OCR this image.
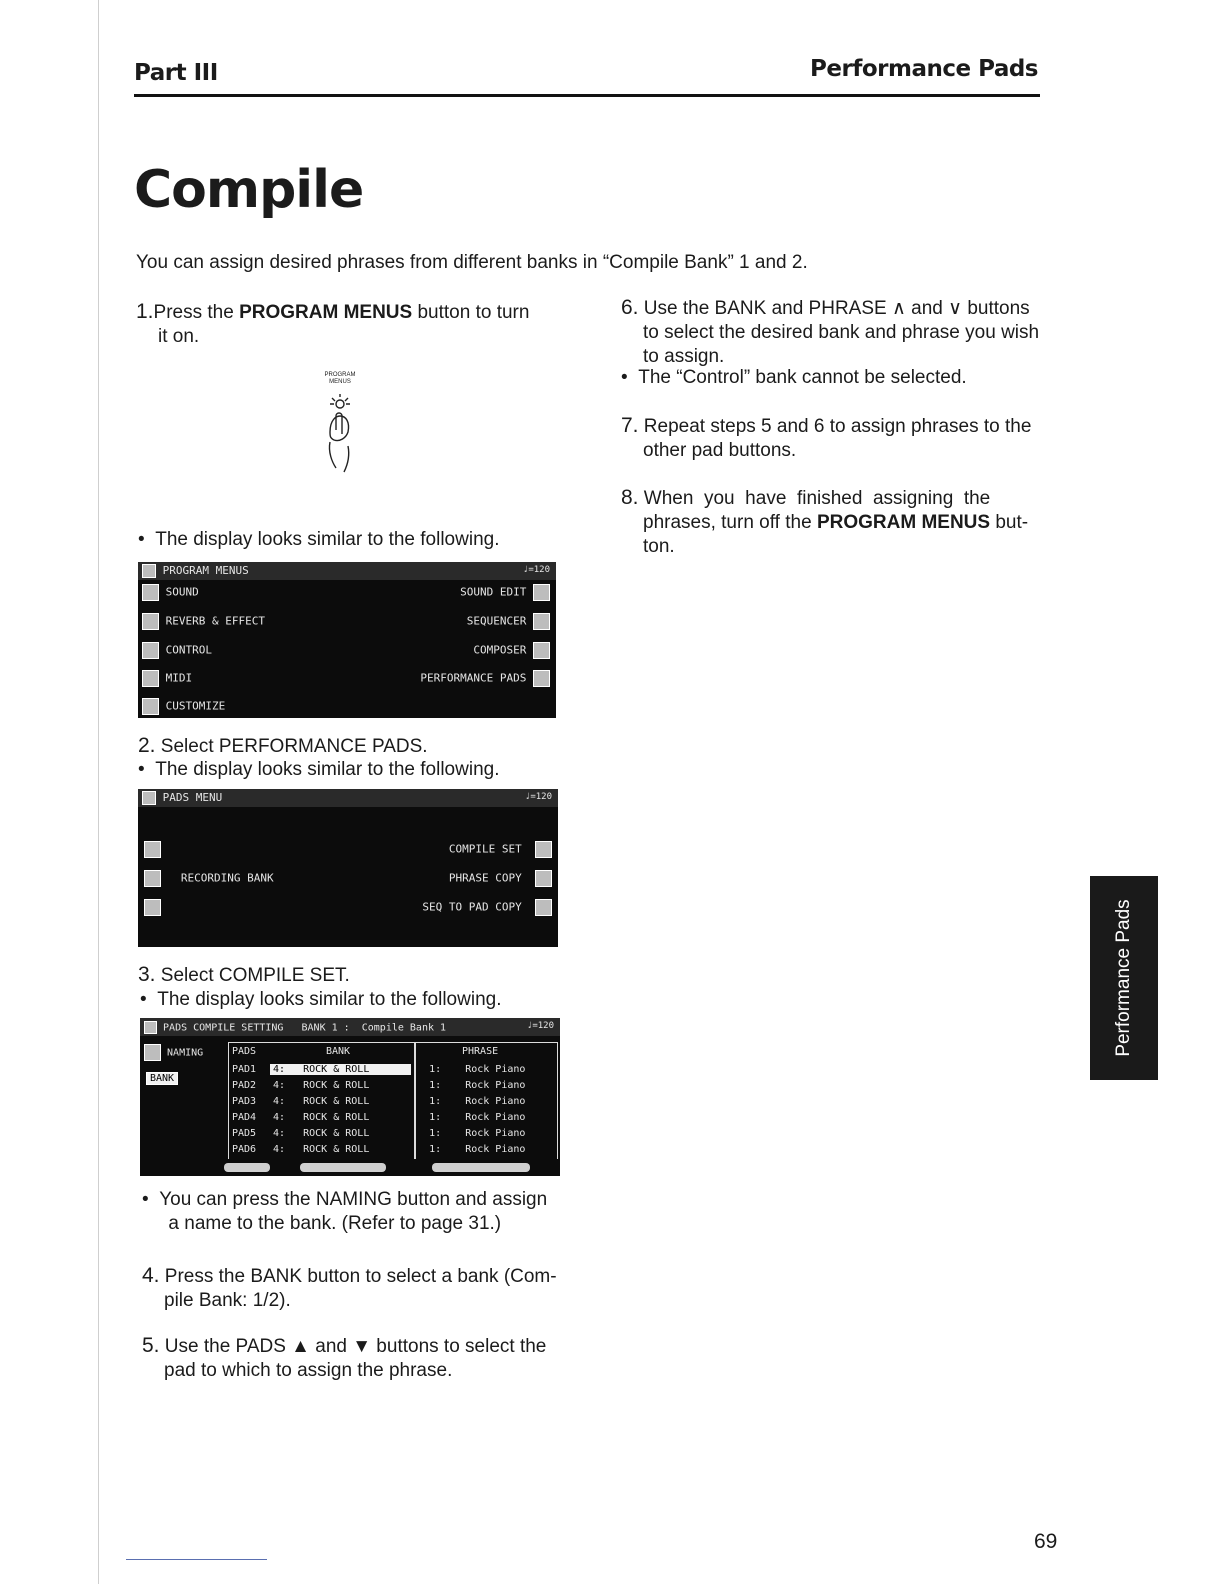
Part III	Performance Pads
Compile
You can assign desired phrases from different banks in “Compile Bank” 1 and 2.
1.Press the PROGRAM MENUS button to turn
it on.
PROGRAM
MENUS
•  The display looks similar to the following.
PROGRAM MENUS	♩=120
SOUND
REVERB & EFFECT
CONTROL
MIDI
CUSTOMIZE
SOUND EDIT
SEQUENCER
COMPOSER
PERFORMANCE PADS
2. Select PERFORMANCE PADS.
•  The display looks similar to the following.
PADS MENU	♩=120
RECORDING BANK
COMPILE SET
PHRASE COPY
SEQ TO PAD COPY
3. Select COMPILE SET.
•  The display looks similar to the following.
PADS COMPILE SETTING BANK 1 : Compile Bank 1	♩=120
NAMING
BANK
PADS	BANK	PHRASE
PAD1 4: ROCK & ROLL	1: Rock Piano
PAD2 4: ROCK & ROLL	1: Rock Piano
PAD3 4: ROCK & ROLL	1: Rock Piano
PAD4 4: ROCK & ROLL	1: Rock Piano
PAD5 4: ROCK & ROLL	1: Rock Piano
PAD6 4: ROCK & ROLL	1: Rock Piano
•  You can press the NAMING button and assign
a name to the bank. (Refer to page 31.)
4. Press the BANK button to select a bank (Com-
pile Bank: 1/2).
5. Use the PADS ▲ and ▼ buttons to select the
pad to which to assign the phrase.
6. Use the BANK and PHRASE ∧ and ∨ buttons
to select the desired bank and phrase you wish
to assign.
•  The “Control” bank cannot be selected.
7. Repeat steps 5 and 6 to assign phrases to the
other pad buttons.
8. When  you  have  finished  assigning  the
phrases, turn off the PROGRAM MENUS but-
ton.
Performance Pads
69
